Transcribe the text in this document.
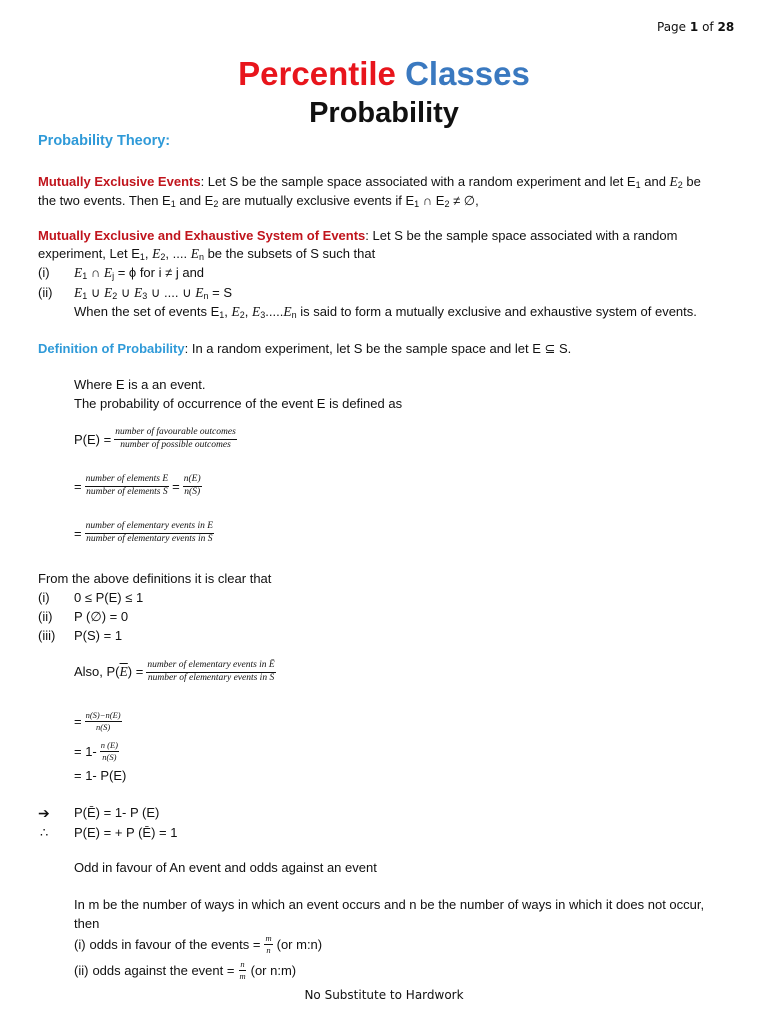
Page 1 of 28
Percentile Classes
Probability
Probability Theory:
Mutually Exclusive Events: Let S be the sample space associated with a random experiment and let $E_1$ and $E_2$ be
the two events. Then $E_1$ and $E_2$ are mutually exclusive events if $E_1$ ∩ $E_2$ ≠ ∅,
Mutually Exclusive and Exhaustive System of Events: Let S be the sample space associated with a random
experiment, Let $E_1$, $E_2$, .... $E_n$ be the subsets of S such that
(i) $E_1$ ∩ $E_j = \phi$ for i ≠ j and
(ii) $E_1$ ∪ $E_2$ ∪ $E_3$ ∪ .... ∪ $E_n = S$
When the set of events $E_1$, $E_2$, $E_3.....E_n$ is said to form a mutually exclusive and exhaustive system of events.
Definition of Probability: In a random experiment, let S be the sample space and let E ⊆ S.
Where E is a an event.
The probability of occurrence of the event E is defined as
$P(E) = \frac{\text{number of favourable outcomes}}{\text{number of possible outcomes}}$
= $\frac{\text{number of elements E}}{\text{number of elements S}} = \frac{n(E)}{n(S)}$
= $\frac{\text{number of elementary events in E}}{\text{number of elementary events in S}}$
From the above definitions it is clear that
(i) 0 ≤ P(E) ≤ 1
(ii) P (∅) = 0
(iii) P(S) = 1
Also, $P(\overline{E}) = \frac{\text{number of elementary events in Ē}}{\text{number of elementary events in S}}$
= $\frac{n(S)-n(E)}{n(S)}$
= $1- \frac{n (E)}{n(S)}$
= 1- P(E)
➔ P(Ē) = 1- P (E)
∴ P(E) = + P (Ē) = 1
Odd in favour of An event and odds against an event
In m be the number of ways in which an event occurs and n be the number of ways in which it does not occur,
then
(i) odds in favour of the events = $\frac{m}{n} (or$ m:n)
(ii) odds against the event = $\frac{n}{m} (or$ n:m)
No Substitute to Hardwork
